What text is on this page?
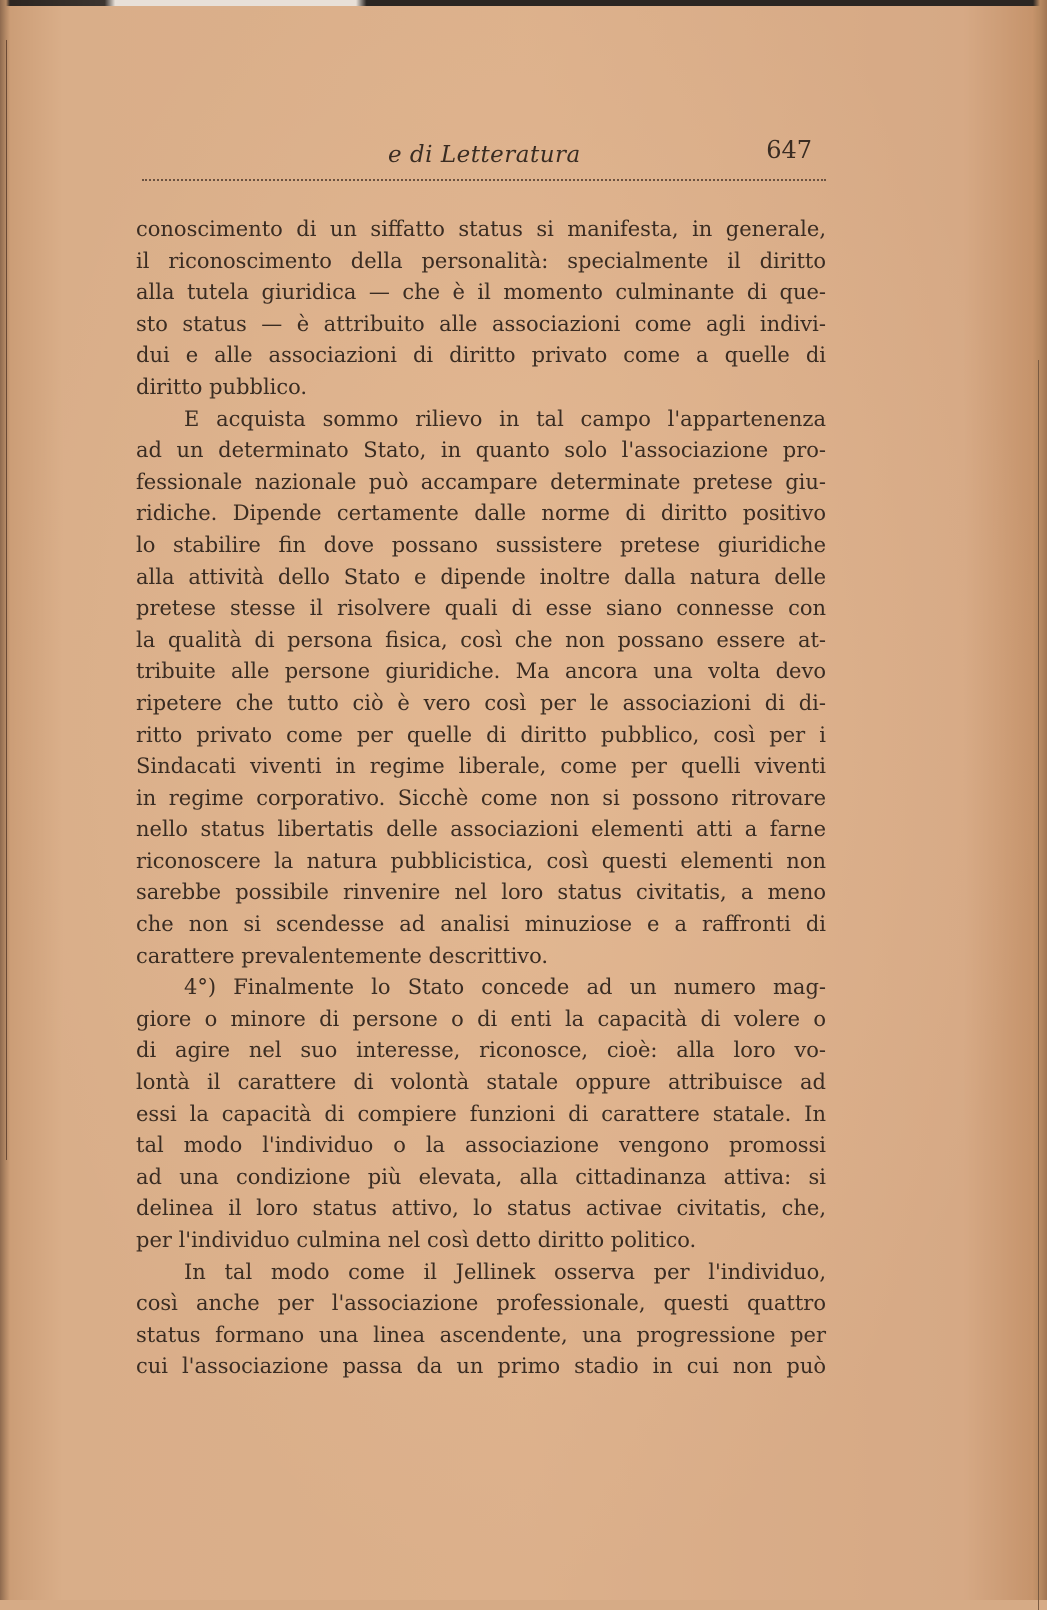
e di Letteratura	647
conoscimento di un siffatto status si manifesta, in generale,
il riconoscimento della personalità: specialmente il diritto
alla tutela giuridica — che è il momento culminante di que-
sto status — è attribuito alle associazioni come agli indivi-
dui e alle associazioni di diritto privato come a quelle di
diritto pubblico.
E acquista sommo rilievo in tal campo l'appartenenza
ad un determinato Stato, in quanto solo l'associazione pro-
fessionale nazionale può accampare determinate pretese giu-
ridiche. Dipende certamente dalle norme di diritto positivo
lo stabilire fin dove possano sussistere pretese giuridiche
alla attività dello Stato e dipende inoltre dalla natura delle
pretese stesse il risolvere quali di esse siano connesse con
la qualità di persona fisica, così che non possano essere at-
tribuite alle persone giuridiche. Ma ancora una volta devo
ripetere che tutto ciò è vero così per le associazioni di di-
ritto privato come per quelle di diritto pubblico, così per i
Sindacati viventi in regime liberale, come per quelli viventi
in regime corporativo. Sicchè come non si possono ritrovare
nello status libertatis delle associazioni elementi atti a farne
riconoscere la natura pubblicistica, così questi elementi non
sarebbe possibile rinvenire nel loro status civitatis, a meno
che non si scendesse ad analisi minuziose e a raffronti di
carattere prevalentemente descrittivo.
4°) Finalmente lo Stato concede ad un numero mag-
giore o minore di persone o di enti la capacità di volere o
di agire nel suo interesse, riconosce, cioè: alla loro vo-
lontà il carattere di volontà statale oppure attribuisce ad
essi la capacità di compiere funzioni di carattere statale. In
tal modo l'individuo o la associazione vengono promossi
ad una condizione più elevata, alla cittadinanza attiva: si
delinea il loro status attivo, lo status activae civitatis, che,
per l'individuo culmina nel così detto diritto politico.
In tal modo come il Jellinek osserva per l'individuo,
così anche per l'associazione professionale, questi quattro
status formano una linea ascendente, una progressione per
cui l'associazione passa da un primo stadio in cui non può
